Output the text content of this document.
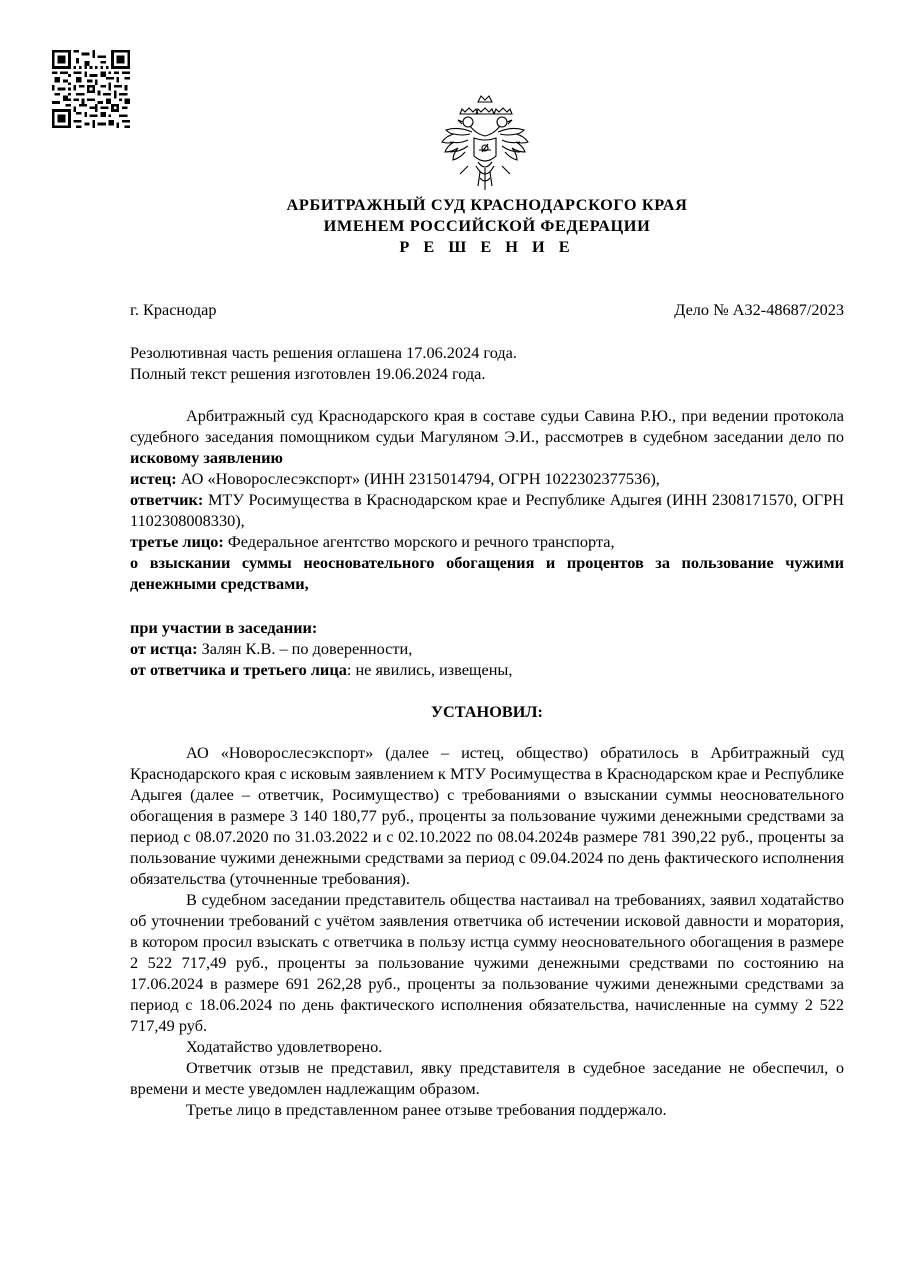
АРБИТРАЖНЫЙ СУД КРАСНОДАРСКОГО КРАЯ
ИМЕНЕМ РОССИЙСКОЙ ФЕДЕРАЦИИ
Р Е Ш Е Н И Е
г. Краснодар	Дело № А32-48687/2023

Резолютивная часть решения оглашена 17.06.2024 года.

Полный текст решения изготовлен 19.06.2024 года.

Арбитражный суд Краснодарского края в составе судьи Савина Р.Ю., при ведении протокола судебного заседания помощником судьи Магуляном Э.И., рассмотрев в судебном заседании дело по исковому заявлению

истец: АО «Новорослесэкспорт» (ИНН 2315014794, ОГРН 1022302377536),

ответчик: МТУ Росимущества в Краснодарском крае и Республике Адыгея (ИНН 2308171570, ОГРН 1102308008330),

третье лицо: Федеральное агентство морского и речного транспорта,

о взыскании суммы неосновательного обогащения и процентов за пользование чужими денежными средствами,

при участии в заседании:

от истца: Залян К.В. – по доверенности,

от ответчика и третьего лица: не явились, извещены,

УСТАНОВИЛ:

АО «Новорослесэкспорт» (далее – истец, общество) обратилось в Арбитражный суд Краснодарского края с исковым заявлением к МТУ Росимущества в Краснодарском крае и Республике Адыгея (далее – ответчик, Росимущество) с требованиями о взыскании суммы неосновательного обогащения в размере 3 140 180,77 руб., проценты за пользование чужими денежными средствами за период с 08.07.2020 по 31.03.2022 и с 02.10.2022 по 08.04.2024в размере 781 390,22 руб., проценты за пользование чужими денежными средствами за период с 09.04.2024 по день фактического исполнения обязательства (уточненные требования).

В судебном заседании представитель общества настаивал на требованиях, заявил ходатайство об уточнении требований с учётом заявления ответчика об истечении исковой давности и моратория, в котором просил взыскать с ответчика в пользу истца сумму неосновательного обогащения в размере 2 522 717,49 руб., проценты за пользование чужими денежными средствами по состоянию на 17.06.2024 в размере 691 262,28 руб., проценты за пользование чужими денежными средствами за период с 18.06.2024 по день фактического исполнения обязательства, начисленные на сумму 2 522 717,49 руб.

Ходатайство удовлетворено.

Ответчик отзыв не представил, явку представителя в судебное заседание не обеспечил, о времени и месте уведомлен надлежащим образом.

Третье лицо в представленном ранее отзыве требования поддержало.
